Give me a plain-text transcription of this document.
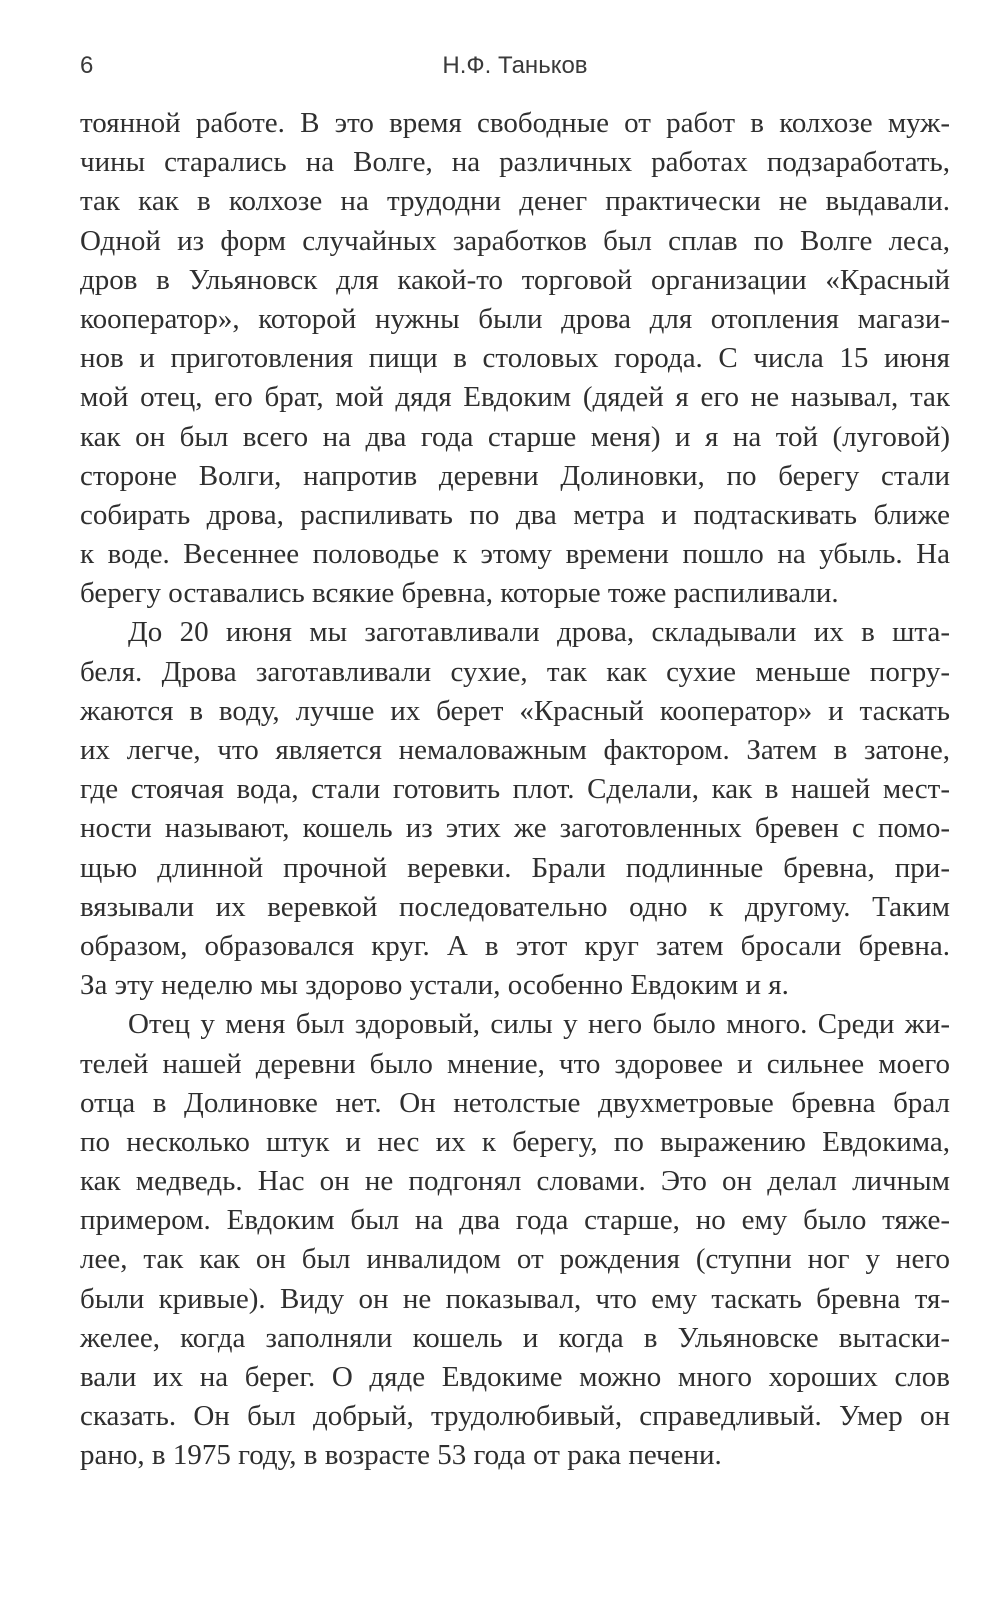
6	Н.Ф. Таньков
тоянной работе. В это время свободные от работ в колхозе муж-
чины старались на Волге, на различных работах подзаработать,
так как в колхозе на трудодни денег практически не выдавали.
Одной из форм случайных заработков был сплав по Волге леса,
дров в Ульяновск для какой-то торговой организации «Красный
кооператор», которой нужны были дрова для отопления магази-
нов и приготовления пищи в столовых города. С числа 15 июня
мой отец, его брат, мой дядя Евдоким (дядей я его не называл, так
как он был всего на два года старше меня) и я на той (луговой)
стороне Волги, напротив деревни Долиновки, по берегу стали
собирать дрова, распиливать по два метра и подтаскивать ближе
к воде. Весеннее половодье к этому времени пошло на убыль. На
берегу оставались всякие бревна, которые тоже распиливали.
До 20 июня мы заготавливали дрова, складывали их в шта-
беля. Дрова заготавливали сухие, так как сухие меньше погру-
жаются в воду, лучше их берет «Красный кооператор» и таскать
их легче, что является немаловажным фактором. Затем в затоне,
где стоячая вода, стали готовить плот. Сделали, как в нашей мест-
ности называют, кошель из этих же заготовленных бревен с помо-
щью длинной прочной веревки. Брали подлинные бревна, при-
вязывали их веревкой последовательно одно к другому. Таким
образом, образовался круг. А в этот круг затем бросали бревна.
За эту неделю мы здорово устали, особенно Евдоким и я.
Отец у меня был здоровый, силы у него было много. Среди жи-
телей нашей деревни было мнение, что здоровее и сильнее моего
отца в Долиновке нет. Он нетолстые двухметровые бревна брал
по несколько штук и нес их к берегу, по выражению Евдокима,
как медведь. Нас он не подгонял словами. Это он делал личным
примером. Евдоким был на два года старше, но ему было тяже-
лее, так как он был инвалидом от рождения (ступни ног у него
были кривые). Виду он не показывал, что ему таскать бревна тя-
желее, когда заполняли кошель и когда в Ульяновске вытаски-
вали их на берег. О дяде Евдокиме можно много хороших слов
сказать. Он был добрый, трудолюбивый, справедливый. Умер он
рано, в 1975 году, в возрасте 53 года от рака печени.
